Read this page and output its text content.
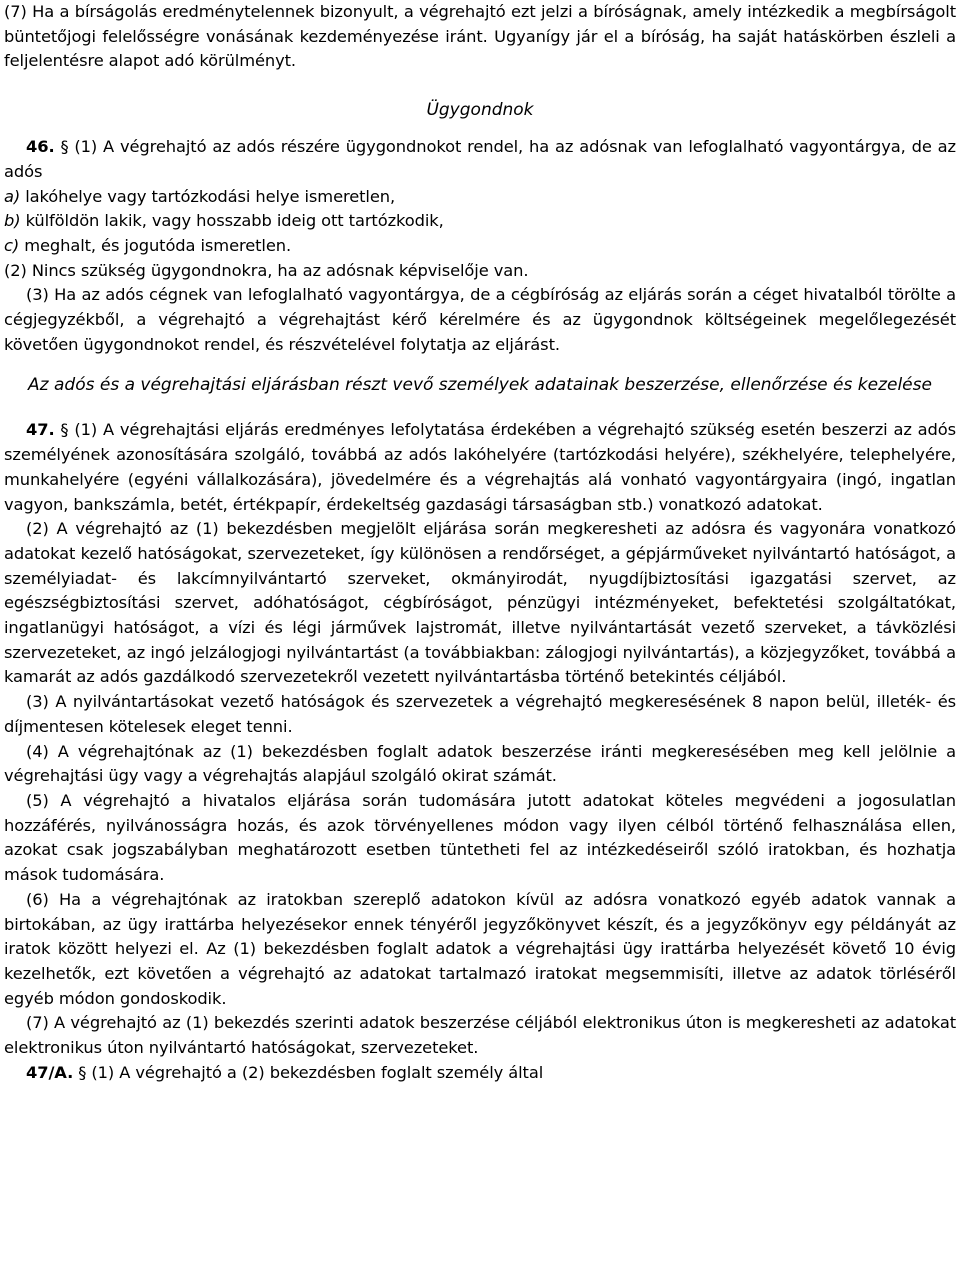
(7) Ha a bírságolás eredménytelennek bizonyult, a végrehajtó ezt jelzi a bíróságnak, amely intézkedik a megbírságolt büntetőjogi felelősségre vonásának kezdeményezése iránt. Ugyanígy jár el a bíróság, ha saját hatáskörben észleli a feljelentésre alapot adó körülményt.

Ügygondnok

46. § (1) A végrehajtó az adós részére ügygondnokot rendel, ha az adósnak van lefoglalható vagyontárgya, de az adós

a) lakóhelye vagy tartózkodási helye ismeretlen,

b) külföldön lakik, vagy hosszabb ideig ott tartózkodik,

c) meghalt, és jogutóda ismeretlen.

(2) Nincs szükség ügygondnokra, ha az adósnak képviselője van.

(3) Ha az adós cégnek van lefoglalható vagyontárgya, de a cégbíróság az eljárás során a céget hivatalból törölte a cégjegyzékből, a végrehajtó a végrehajtást kérő kérelmére és az ügygondnok költségeinek megelőlegezését követően ügygondnokot rendel, és részvételével folytatja az eljárást.

Az adós és a végrehajtási eljárásban részt vevő személyek adatainak beszerzése, ellenőrzése és kezelése

47. § (1) A végrehajtási eljárás eredményes lefolytatása érdekében a végrehajtó szükség esetén beszerzi az adós személyének azonosítására szolgáló, továbbá az adós lakóhelyére (tartózkodási helyére), székhelyére, telephelyére, munkahelyére (egyéni vállalkozására), jövedelmére és a végrehajtás alá vonható vagyontárgyaira (ingó, ingatlan vagyon, bankszámla, betét, értékpapír, érdekeltség gazdasági társaságban stb.) vonatkozó adatokat.

(2) A végrehajtó az (1) bekezdésben megjelölt eljárása során megkeresheti az adósra és vagyonára vonatkozó adatokat kezelő hatóságokat, szervezeteket, így különösen a rendőrséget, a gépjárműveket nyilvántartó hatóságot, a személyiadat- és lakcímnyilvántartó szerveket, okmányirodát, nyugdíjbiztosítási igazgatási szervet, az egészségbiztosítási szervet, adóhatóságot, cégbíróságot, pénzügyi intézményeket, befektetési szolgáltatókat, ingatlanügyi hatóságot, a vízi és légi járművek lajstromát, illetve nyilvántartását vezető szerveket, a távközlési szervezeteket, az ingó jelzálogjogi nyilvántartást (a továbbiakban: zálogjogi nyilvántartás), a közjegyzőket, továbbá a kamarát az adós gazdálkodó szervezetekről vezetett nyilvántartásba történő betekintés céljából.

(3) A nyilvántartásokat vezető hatóságok és szervezetek a végrehajtó megkeresésének 8 napon belül, illeték- és díjmentesen kötelesek eleget tenni.

(4) A végrehajtónak az (1) bekezdésben foglalt adatok beszerzése iránti megkeresésében meg kell jelölnie a végrehajtási ügy vagy a végrehajtás alapjául szolgáló okirat számát.

(5) A végrehajtó a hivatalos eljárása során tudomására jutott adatokat köteles megvédeni a jogosulatlan hozzáférés, nyilvánosságra hozás, és azok törvényellenes módon vagy ilyen célból történő felhasználása ellen, azokat csak jogszabályban meghatározott esetben tüntetheti fel az intézkedéseiről szóló iratokban, és hozhatja mások tudomására.

(6) Ha a végrehajtónak az iratokban szereplő adatokon kívül az adósra vonatkozó egyéb adatok vannak a birtokában, az ügy irattárba helyezésekor ennek tényéről jegyzőkönyvet készít, és a jegyzőkönyv egy példányát az iratok között helyezi el. Az (1) bekezdésben foglalt adatok a végrehajtási ügy irattárba helyezését követő 10 évig kezelhetők, ezt követően a végrehajtó az adatokat tartalmazó iratokat megsemmisíti, illetve az adatok törléséről egyéb módon gondoskodik.

(7) A végrehajtó az (1) bekezdés szerinti adatok beszerzése céljából elektronikus úton is megkeresheti az adatokat elektronikus úton nyilvántartó hatóságokat, szervezeteket.

47/A. § (1) A végrehajtó a (2) bekezdésben foglalt személy által
